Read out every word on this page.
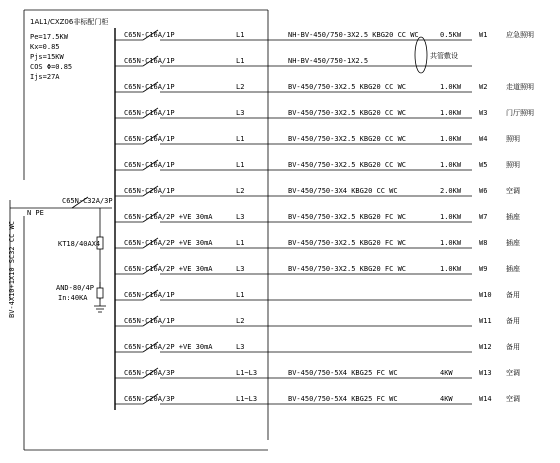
1AL1/CXZ06非标配门柜
Pe=17.5KW
Kx=0.85
Pjs=15KW
COS Φ=0.85
Ijs=27A
BV-4X10+1X10 SC32 CC WC
N PE
C65N-C32A/3P
KT18/40AX4
AND-80/4P
In:40KA
共管敷设
C65N-C16A/1P	L1	NH-BV-450/750-3X2.5 KBG20 CC WC	0.5KW	W1	应急照明
C65N-C16A/1P	L1	NH-BV-450/750-1X2.5
C65N-C16A/1P	L2	BV-450/750-3X2.5 KBG20 CC WC	1.0KW	W2	走道照明
C65N-C16A/1P	L3	BV-450/750-3X2.5 KBG20 CC WC	1.0KW	W3	门厅照明
C65N-C16A/1P	L1	BV-450/750-3X2.5 KBG20 CC WC	1.0KW	W4	照明
C65N-C16A/1P	L1	BV-450/750-3X2.5 KBG20 CC WC	1.0KW	W5	照明
C65N-C20A/1P	L2	BV-450/750-3X4 KBG20 CC WC	2.0KW	W6	空调
C65N-C16A/2P +VE 30mA	L3	BV-450/750-3X2.5 KBG20 FC WC	1.0KW	W7	插座
C65N-C16A/2P +VE 30mA	L1	BV-450/750-3X2.5 KBG20 FC WC	1.0KW	W8	插座
C65N-C16A/2P +VE 30mA	L3	BV-450/750-3X2.5 KBG20 FC WC	1.0KW	W9	插座
C65N-C16A/1P	L1	W10 备用
C65N-C16A/1P	L2	W11 备用
C65N-C16A/2P +VE 30mA	L3	W12 备用
C65N-C20A/3P	L1~L3	BV-450/750-5X4 KBG25 FC WC	4KW	W13 空调
C65N-C20A/3P	L1~L3	BV-450/750-5X4 KBG25 FC WC	4KW	W14 空调
